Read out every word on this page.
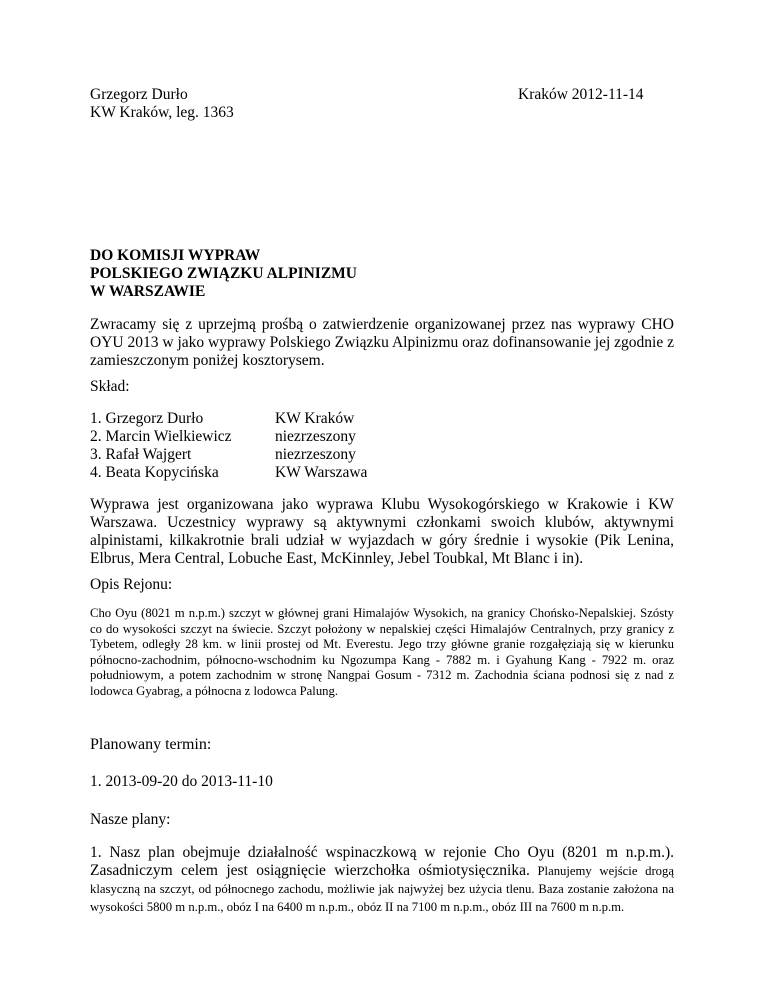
Grzegorz Durło
KW Kraków, leg. 1363
Kraków 2012-11-14
DO KOMISJI WYPRAW
POLSKIEGO ZWIĄZKU ALPINIZMU
W WARSZAWIE
Zwracamy się z uprzejmą prośbą o zatwierdzenie organizowanej przez nas wyprawy CHO OYU 2013 w jako wyprawy Polskiego Związku Alpinizmu oraz dofinansowanie jej zgodnie z zamieszczonym poniżej kosztorysem.
Skład:
1. Grzegorz Durło	KW Kraków
2. Marcin Wielkiewicz	niezrzeszony
3. Rafał Wajgert	niezrzeszony
4. Beata Kopycińska	KW Warszawa
Wyprawa jest organizowana jako wyprawa Klubu Wysokogórskiego w Krakowie i KW Warszawa. Uczestnicy wyprawy są aktywnymi członkami swoich klubów, aktywnymi alpinistami, kilkakrotnie brali udział w wyjazdach w góry średnie i wysokie (Pik Lenina, Elbrus, Mera Central, Lobuche East, McKinnley, Jebel Toubkal, Mt Blanc i in).
Opis Rejonu:
Cho Oyu (8021 m n.p.m.) szczyt w głównej grani Himalajów Wysokich, na granicy Chońsko-Nepalskiej. Szósty co do wysokości szczyt na świecie. Szczyt położony w nepalskiej części Himalajów Centralnych, przy granicy z Tybetem, odległy 28 km. w linii prostej od Mt. Everestu. Jego trzy główne granie rozgałęziają się w kierunku północno-zachodnim, północno-wschodnim ku Ngozumpa Kang - 7882 m. i Gyahung Kang - 7922 m. oraz południowym, a potem zachodnim w stronę Nangpai Gosum - 7312 m. Zachodnia ściana podnosi się z nad z lodowca Gyabrag, a północna z lodowca Palung.
Planowany termin:
1. 2013-09-20 do 2013-11-10
Nasze plany:
1. Nasz plan obejmuje działalność wspinaczkową w rejonie Cho Oyu (8201 m n.p.m.). Zasadniczym celem jest osiągnięcie wierzchołka ośmiotysięcznika. Planujemy wejście drogą klasyczną na szczyt, od północnego zachodu, możliwie jak najwyżej bez użycia tlenu. Baza zostanie założona na wysokości 5800 m n.p.m., obóz I na 6400 m n.p.m., obóz II na 7100 m n.p.m., obóz III na 7600 m n.p.m.
